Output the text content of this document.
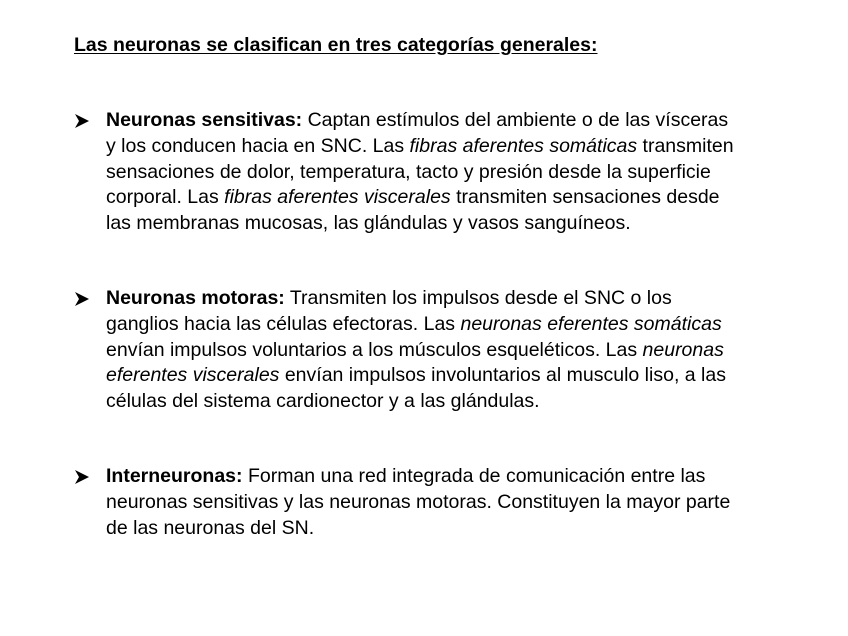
Las neuronas se clasifican en tres categorías generales:
Neuronas sensitivas: Captan estímulos del ambiente o de las vísceras
y los conducen hacia en SNC. Las fibras aferentes somáticas transmiten
sensaciones de dolor, temperatura, tacto y presión desde la superficie
corporal. Las fibras aferentes viscerales transmiten sensaciones desde
las membranas mucosas, las glándulas y vasos sanguíneos.
Neuronas motoras: Transmiten los impulsos desde el SNC o los
ganglios hacia las células efectoras. Las neuronas eferentes somáticas
envían impulsos voluntarios a los músculos esqueléticos. Las neuronas
eferentes viscerales envían impulsos involuntarios al musculo liso, a las
células del sistema cardionector y a las glándulas.
Interneuronas: Forman una red integrada de comunicación entre las
neuronas sensitivas y las neuronas motoras. Constituyen la mayor parte
de las neuronas del SN.
